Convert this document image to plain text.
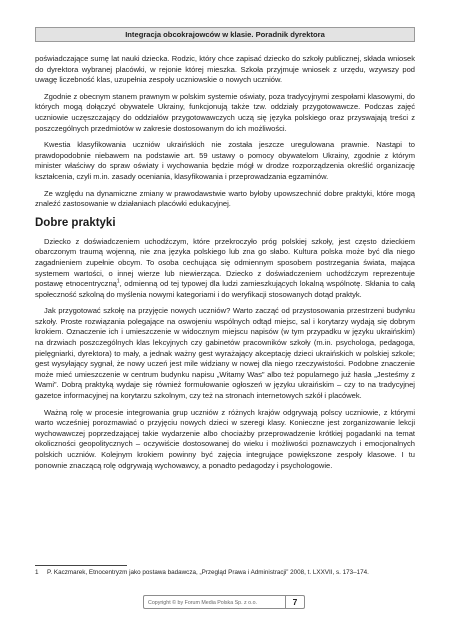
Integracja obcokrajowców w klasie. Poradnik dyrektora

poświadczające sumę lat nauki dziecka. Rodzic, który chce zapisać dziecko do szkoły publicznej, składa wniosek do dyrektora wybranej placówki, w rejonie której mieszka. Szkoła przyjmuje wniosek z urzędu, wzywszy pod uwagę liczebność klas, uzupełnia zespoły uczniowskie o nowych uczniów.

Zgodnie z obecnym stanem prawnym w polskim systemie oświaty, poza tradycyjnymi zespołami klasowymi, do których mogą dołączyć obywatele Ukrainy, funkcjonują także tzw. oddziały przygotowawcze. Podczas zajęć uczniowie uczęszczający do oddziałów przygotowawczych uczą się języka polskiego oraz przyswajają treści z poszczególnych przedmiotów w zakresie dostosowanym do ich możliwości.

Kwestia klasyfikowania uczniów ukraińskich nie została jeszcze uregulowana prawnie. Nastąpi to prawdopodobnie niebawem na podstawie art. 59 ustawy o pomocy obywatelom Ukrainy, zgodnie z którym minister właściwy do spraw oświaty i wychowania będzie mógł w drodze rozporządzenia określić organizację kształcenia, czyli m.in. zasady oceniania, klasyfikowania i przeprowadzania egzaminów.

Ze względu na dynamiczne zmiany w prawodawstwie warto byłoby upowszechnić dobre praktyki, które mogą znaleźć zastosowanie w działaniach placówki edukacyjnej.

Dobre praktyki

Dziecko z doświadczeniem uchodźczym, które przekroczyło próg polskiej szkoły, jest często dzieckiem obarczonym traumą wojenną, nie zna języka polskiego lub zna go słabo. Kultura polska może być dla niego zagadnieniem zupełnie obcym. To osoba cechująca się odmiennym sposobem postrzegania świata, mająca systemem wartości, o innej wierze lub niewierząca. Dziecko z doświadczeniem uchodźczym reprezentuje postawę etnocentryczną$^1$, odmienną od tej typowej dla ludzi zamieszkujących lokalną wspólnotę. Skłania to całą społeczność szkolną do myślenia nowymi kategoriami i do weryfikacji stosowanych dotąd praktyk.

Jak przygotować szkołę na przyjęcie nowych uczniów? Warto zacząć od przystosowania przestrzeni budynku szkoły. Proste rozwiązania polegające na oswojeniu wspólnych odtąd miejsc, sal i korytarzy wydają się dobrym krokiem. Oznaczenie ich i umieszczenie w widocznym miejscu napisów (w tym przypadku w języku ukraińskim) na drzwiach poszczególnych klas lekcyjnych czy gabinetów pracowników szkoły (m.in. psychologa, pedagoga, pielęgniarki, dyrektora) to mały, a jednak ważny gest wyrażający akceptację dzieci ukraińskich w polskiej szkole; gest wysyłający sygnał, że nowy uczeń jest mile widziany w nowej dla niego rzeczywistości. Podobne znaczenie może mieć umieszczenie w centrum budynku napisu „Witamy Was” albo też popularnego już hasła „Jesteśmy z Wami”. Dobrą praktyką wydaje się również formułowanie ogłoszeń w języku ukraińskim – czy to na tradycyjnej gazetce informacyjnej na korytarzu szkolnym, czy też na stronach internetowych szkół i placówek.

Ważną rolę w procesie integrowania grup uczniów z różnych krajów odgrywają polscy uczniowie, z którymi warto wcześniej porozmawiać o przyjęciu nowych dzieci w szeregi klasy. Konieczne jest zorganizowanie lekcji wychowawczej poprzedzającej takie wydarzenie albo chociażby przeprowadzenie krótkiej pogadanki na temat okoliczności geopolitycznych – oczywiście dostosowanej do wieku i możliwości poznawczych i emocjonalnych polskich uczniów. Kolejnym krokiem powinny być zajęcia integrujące powiększone zespoły klasowe. I tu ponownie znaczącą rolę odgrywają wychowawcy, a ponadto pedagodzy i psychologowie.

1 P. Kaczmarek, Etnocentryzm jako postawa badawcza, „Przegląd Prawa i Administracji” 2008, t. LXXVII, s. 173–174.
Copyright © by Forum Media Polska Sp. z o.o.	7
